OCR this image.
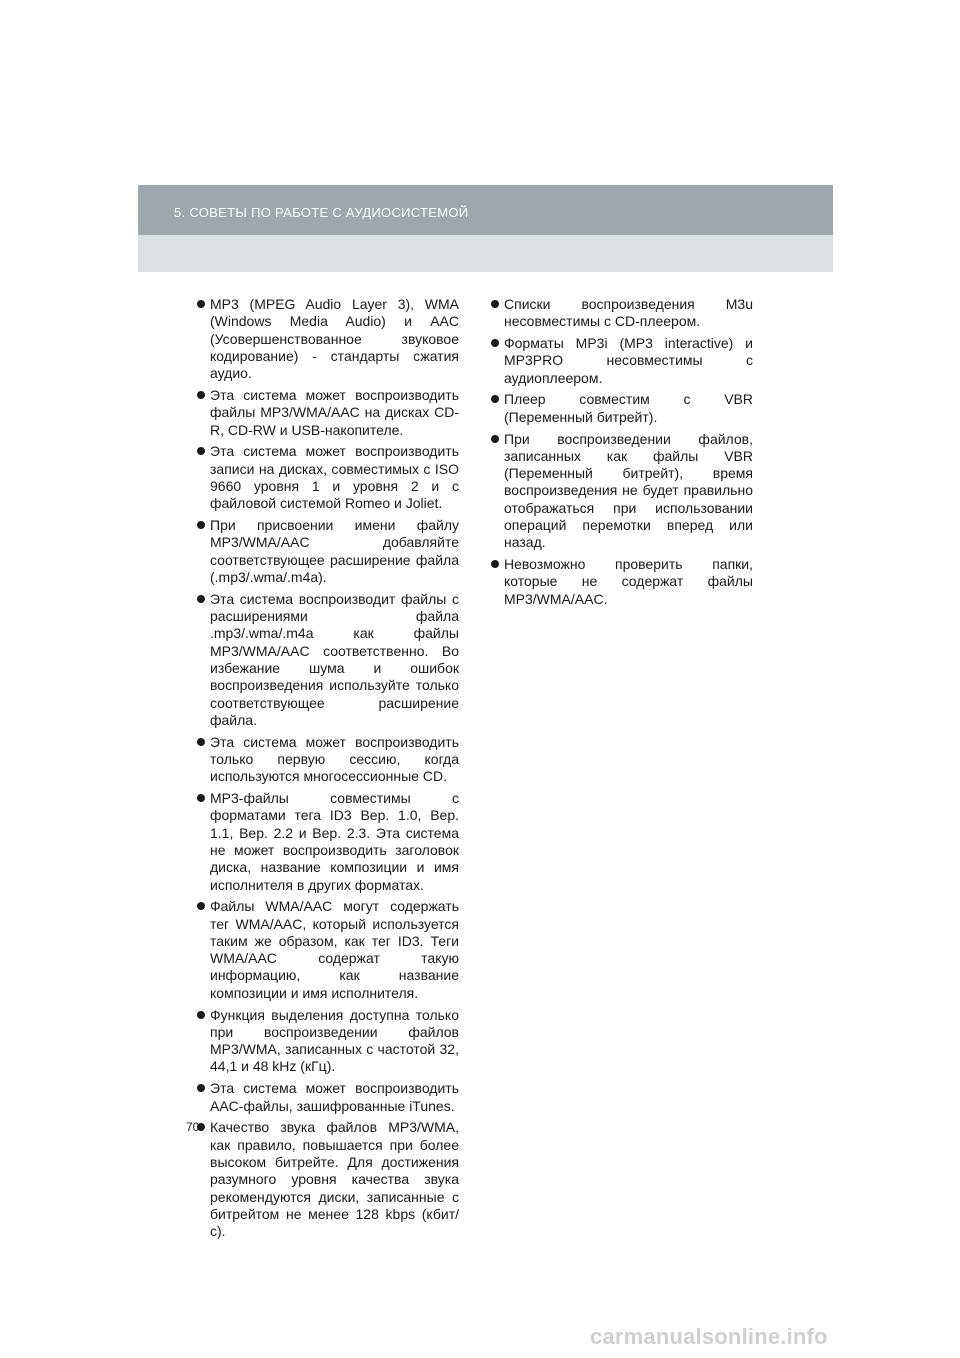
5. СОВЕТЫ ПО РАБОТЕ С АУДИОСИСТЕМОЙ
MP3 (MPEG Audio Layer 3), WMA (Windows Media Audio) и AAC (Усовершенствованное звуковое кодирование) - стандарты сжатия аудио.
Эта система может воспроизводить файлы MP3/WMA/AAC на дисках CD-R, CD-RW и USB-накопителе.
Эта система может воспроизводить записи на дисках, совместимых с ISO 9660 уровня 1 и уровня 2 и с файловой системой Romeo и Joliet.
При присвоении имени файлу MP3/WMA/AAC добавляйте соответствующее расширение файла (.mp3/.wma/.m4a).
Эта система воспроизводит файлы с расширениями файла .mp3/.wma/.m4a как файлы MP3/WMA/AAC соответственно. Во избежание шума и ошибок воспроизведения используйте только соответствующее расширение файла.
Эта система может воспроизводить только первую сессию, когда используются многосессионные CD.
MP3-файлы совместимы с форматами тега ID3 Вер. 1.0, Вер. 1.1, Вер. 2.2 и Вер. 2.3. Эта система не может воспроизводить заголовок диска, название композиции и имя исполнителя в других форматах.
Файлы WMA/AAC могут содержать тег WMA/AAC, который используется таким же образом, как тег ID3. Теги WMA/AAC содержат такую информацию, как название композиции и имя исполнителя.
Функция выделения доступна только при воспроизведении файлов MP3/WMA, записанных с частотой 32, 44,1 и 48 kHz (кГц).
Эта система может воспроизводить AAC-файлы, зашифрованные iTunes.
Качество звука файлов MP3/WMA, как правило, повышается при более высоком битрейте. Для достижения разумного уровня качества звука рекомендуются диски, записанные с битрейтом не менее 128 kbps (кбит/с).
Списки воспроизведения M3u несовместимы с CD-плеером.
Форматы MP3i (MP3 interactive) и MP3PRO несовместимы с аудиоплеером.
Плеер совместим с VBR (Переменный битрейт).
При воспроизведении файлов, записанных как файлы VBR (Переменный битрейт), время воспроизведения не будет правильно отображаться при использовании операций перемотки вперед или назад.
Невозможно проверить папки, которые не содержат файлы MP3/WMA/AAC.
70
carmanualsonline.info
